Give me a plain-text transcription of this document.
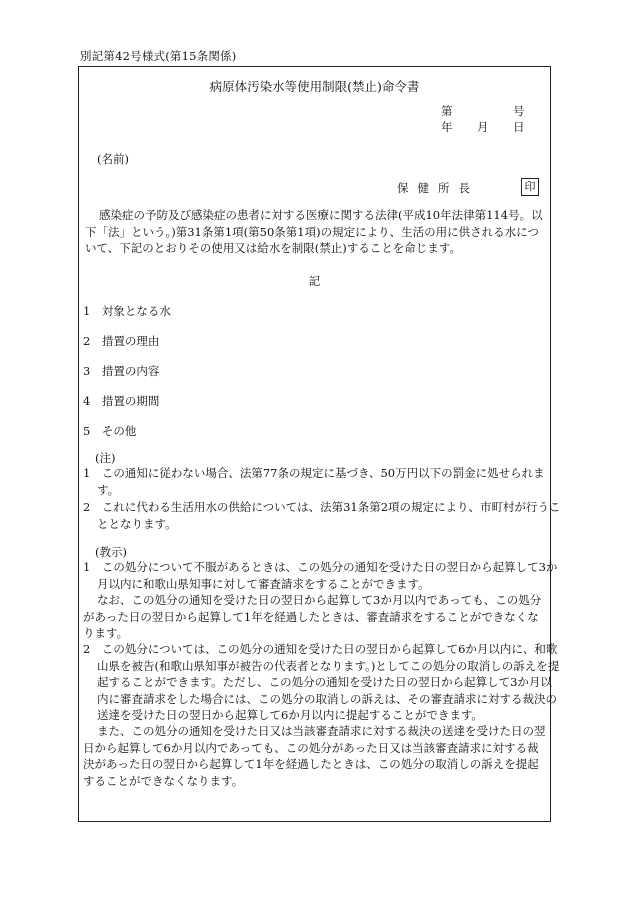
別記第42号様式(第15条関係)
病原体汚染水等使用制限(禁止)命令書
第	号
年 月 日
(名前)
保健所長	印
感染症の予防及び感染症の患者に対する医療に関する法律(平成10年法律第114号。以下「法」という。)第31条第1項(第50条第1項)の規定により、生活の用に供される水について、下記のとおりその使用又は給水を制限(禁止)することを命じます。
記
1　対象となる水
2　措置の理由
3　措置の内容
4　措置の期間
5　その他
(注)
1　この通知に従わない場合、法第77条の規定に基づき、50万円以下の罰金に処せられます。
2　これに代わる生活用水の供給については、法第31条第2項の規定により、市町村が行うこととなります。
(教示)
1　この処分について不服があるときは、この処分の通知を受けた日の翌日から起算して3か月以内に和歌山県知事に対して審査請求をすることができます。
なお、この処分の通知を受けた日の翌日から起算して3か月以内であっても、この処分があった日の翌日から起算して1年を経過したときは、審査請求をすることができなくなります。
2　この処分については、この処分の通知を受けた日の翌日から起算して6か月以内に、和歌山県を被告(和歌山県知事が被告の代表者となります。)としてこの処分の取消しの訴えを提起することができます。ただし、この処分の通知を受けた日の翌日から起算して3か月以内に審査請求をした場合には、この処分の取消しの訴えは、その審査請求に対する裁決の送達を受けた日の翌日から起算して6か月以内に提起することができます。
また、この処分の通知を受けた日又は当該審査請求に対する裁決の送達を受けた日の翌日から起算して6か月以内であっても、この処分があった日又は当該審査請求に対する裁決があった日の翌日から起算して1年を経過したときは、この処分の取消しの訴えを提起することができなくなります。
